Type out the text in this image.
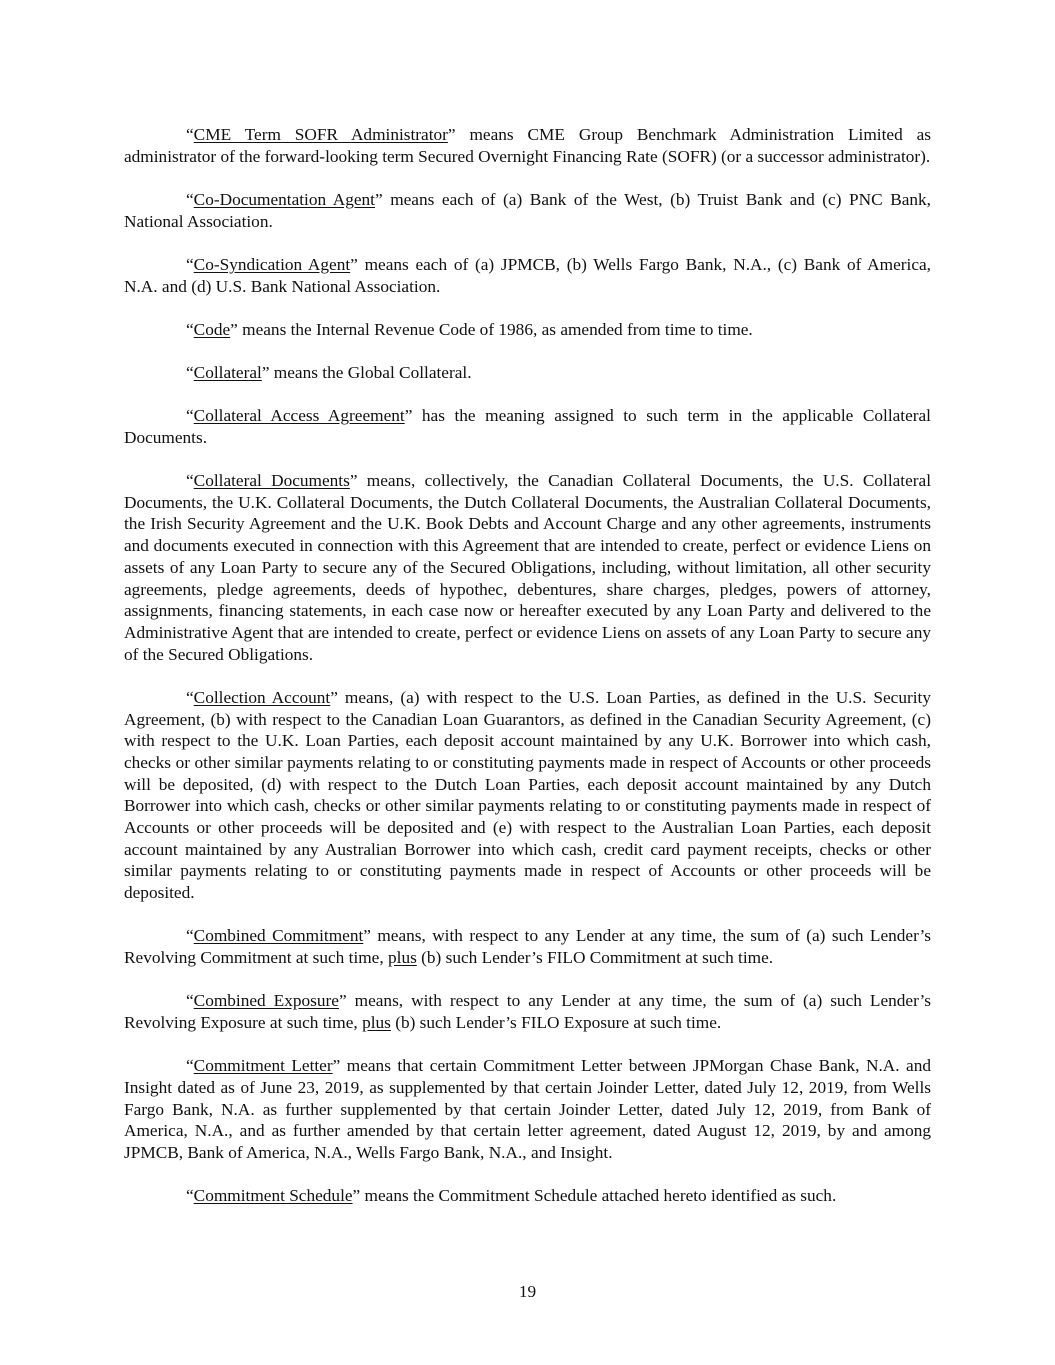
“CME Term SOFR Administrator” means CME Group Benchmark Administration Limited as administrator of the forward-looking term Secured Overnight Financing Rate (SOFR) (or a successor administrator).

“Co-Documentation Agent” means each of (a) Bank of the West, (b) Truist Bank and (c) PNC Bank, National Association.

“Co-Syndication Agent” means each of (a) JPMCB, (b) Wells Fargo Bank, N.A., (c) Bank of America, N.A. and (d) U.S. Bank National Association.

“Code” means the Internal Revenue Code of 1986, as amended from time to time.

“Collateral” means the Global Collateral.

“Collateral Access Agreement” has the meaning assigned to such term in the applicable Collateral Documents.

“Collateral Documents” means, collectively, the Canadian Collateral Documents, the U.S. Collateral Documents, the U.K. Collateral Documents, the Dutch Collateral Documents, the Australian Collateral Documents, the Irish Security Agreement and the U.K. Book Debts and Account Charge and any other agreements, instruments and documents executed in connection with this Agreement that are intended to create, perfect or evidence Liens on assets of any Loan Party to secure any of the Secured Obligations, including, without limitation, all other security agreements, pledge agreements, deeds of hypothec, debentures, share charges, pledges, powers of attorney, assignments, financing statements, in each case now or hereafter executed by any Loan Party and delivered to the Administrative Agent that are intended to create, perfect or evidence Liens on assets of any Loan Party to secure any of the Secured Obligations.

“Collection Account” means, (a) with respect to the U.S. Loan Parties, as defined in the U.S. Security Agreement, (b) with respect to the Canadian Loan Guarantors, as defined in the Canadian Security Agreement, (c) with respect to the U.K. Loan Parties, each deposit account maintained by any U.K. Borrower into which cash, checks or other similar payments relating to or constituting payments made in respect of Accounts or other proceeds will be deposited, (d) with respect to the Dutch Loan Parties, each deposit account maintained by any Dutch Borrower into which cash, checks or other similar payments relating to or constituting payments made in respect of Accounts or other proceeds will be deposited and (e) with respect to the Australian Loan Parties, each deposit account maintained by any Australian Borrower into which cash, credit card payment receipts, checks or other similar payments relating to or constituting payments made in respect of Accounts or other proceeds will be deposited.

“Combined Commitment” means, with respect to any Lender at any time, the sum of (a) such Lender’s Revolving Commitment at such time, plus (b) such Lender’s FILO Commitment at such time.

“Combined Exposure” means, with respect to any Lender at any time, the sum of (a) such Lender’s Revolving Exposure at such time, plus (b) such Lender’s FILO Exposure at such time.

“Commitment Letter” means that certain Commitment Letter between JPMorgan Chase Bank, N.A. and Insight dated as of June 23, 2019, as supplemented by that certain Joinder Letter, dated July 12, 2019, from Wells Fargo Bank, N.A. as further supplemented by that certain Joinder Letter, dated July 12, 2019, from Bank of America, N.A., and as further amended by that certain letter agreement, dated August 12, 2019, by and among JPMCB, Bank of America, N.A., Wells Fargo Bank, N.A., and Insight.

“Commitment Schedule” means the Commitment Schedule attached hereto identified as such.

19
